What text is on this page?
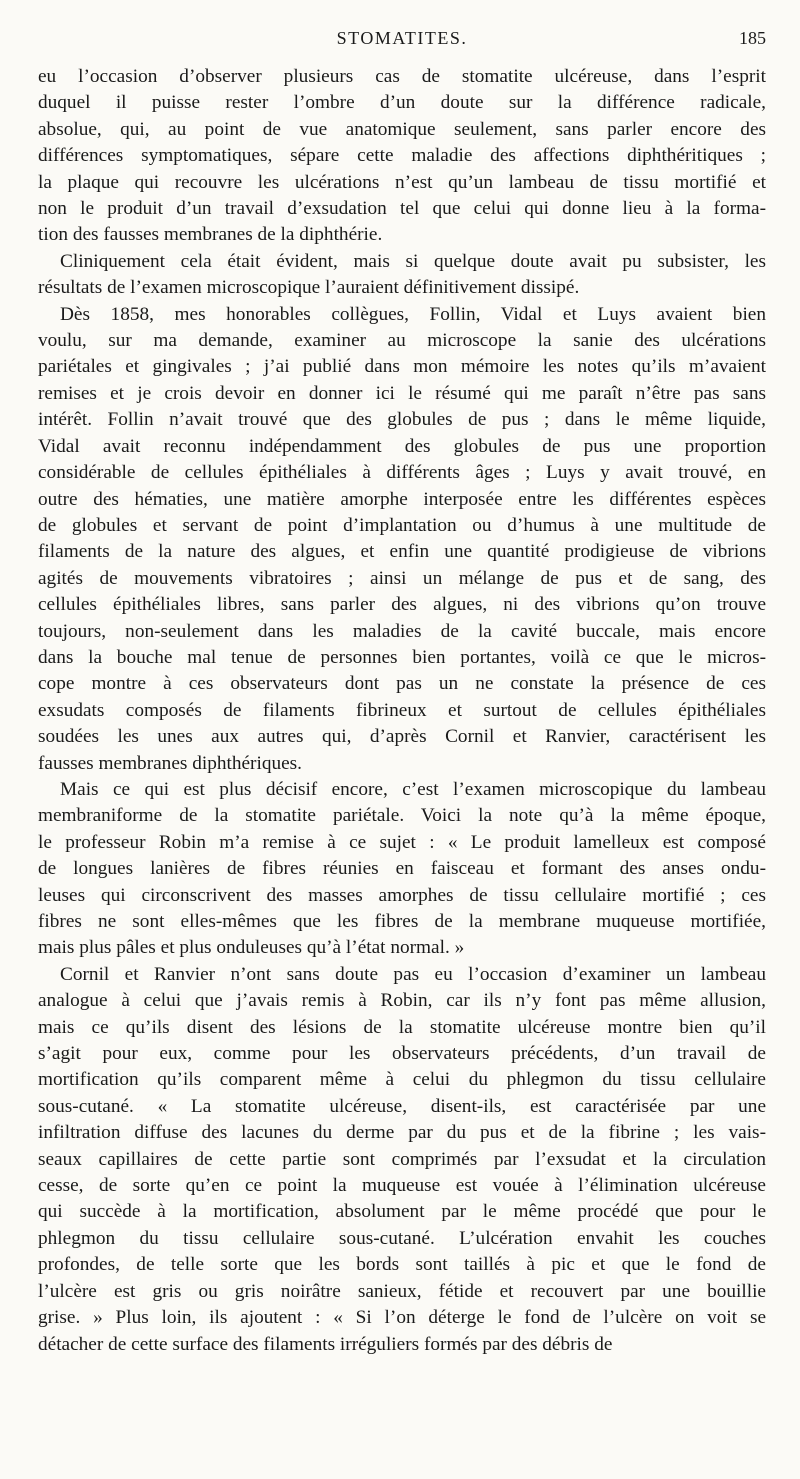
STOMATITES.	185
eu l’occasion d’observer plusieurs cas de stomatite ulcéreuse, dans l’esprit
duquel il puisse rester l’ombre d’un doute sur la différence radicale,
absolue, qui, au point de vue anatomique seulement, sans parler encore des
différences symptomatiques, sépare cette maladie des affections diphthéritiques ;
la plaque qui recouvre les ulcérations n’est qu’un lambeau de tissu mortifié et
non le produit d’un travail d’exsudation tel que celui qui donne lieu à la forma-
tion des fausses membranes de la diphthérie.
Cliniquement cela était évident, mais si quelque doute avait pu subsister, les
résultats de l’examen microscopique l’auraient définitivement dissipé.
Dès 1858, mes honorables collègues, Follin, Vidal et Luys avaient bien
voulu, sur ma demande, examiner au microscope la sanie des ulcérations
pariétales et gingivales ; j’ai publié dans mon mémoire les notes qu’ils m’avaient
remises et je crois devoir en donner ici le résumé qui me paraît n’être pas sans
intérêt. Follin n’avait trouvé que des globules de pus ; dans le même liquide,
Vidal avait reconnu indépendamment des globules de pus une proportion
considérable de cellules épithéliales à différents âges ; Luys y avait trouvé, en
outre des hématies, une matière amorphe interposée entre les différentes espèces
de globules et servant de point d’implantation ou d’humus à une multitude de
filaments de la nature des algues, et enfin une quantité prodigieuse de vibrions
agités de mouvements vibratoires ; ainsi un mélange de pus et de sang, des
cellules épithéliales libres, sans parler des algues, ni des vibrions qu’on trouve
toujours, non-seulement dans les maladies de la cavité buccale, mais encore
dans la bouche mal tenue de personnes bien portantes, voilà ce que le micros-
cope montre à ces observateurs dont pas un ne constate la présence de ces
exsudats composés de filaments fibrineux et surtout de cellules épithéliales
soudées les unes aux autres qui, d’après Cornil et Ranvier, caractérisent les
fausses membranes diphthériques.
Mais ce qui est plus décisif encore, c’est l’examen microscopique du lambeau
membraniforme de la stomatite pariétale. Voici la note qu’à la même époque,
le professeur Robin m’a remise à ce sujet : « Le produit lamelleux est composé
de longues lanières de fibres réunies en faisceau et formant des anses ondu-
leuses qui circonscrivent des masses amorphes de tissu cellulaire mortifié ; ces
fibres ne sont elles-mêmes que les fibres de la membrane muqueuse mortifiée,
mais plus pâles et plus onduleuses qu’à l’état normal. »
Cornil et Ranvier n’ont sans doute pas eu l’occasion d’examiner un lambeau
analogue à celui que j’avais remis à Robin, car ils n’y font pas même allusion,
mais ce qu’ils disent des lésions de la stomatite ulcéreuse montre bien qu’il
s’agit pour eux, comme pour les observateurs précédents, d’un travail de
mortification qu’ils comparent même à celui du phlegmon du tissu cellulaire
sous-cutané. « La stomatite ulcéreuse, disent-ils, est caractérisée par une
infiltration diffuse des lacunes du derme par du pus et de la fibrine ; les vais-
seaux capillaires de cette partie sont comprimés par l’exsudat et la circulation
cesse, de sorte qu’en ce point la muqueuse est vouée à l’élimination ulcéreuse
qui succède à la mortification, absolument par le même procédé que pour le
phlegmon du tissu cellulaire sous-cutané. L’ulcération envahit les couches
profondes, de telle sorte que les bords sont taillés à pic et que le fond de
l’ulcère est gris ou gris noirâtre sanieux, fétide et recouvert par une bouillie
grise. » Plus loin, ils ajoutent : « Si l’on déterge le fond de l’ulcère on voit se
détacher de cette surface des filaments irréguliers formés par des débris de
